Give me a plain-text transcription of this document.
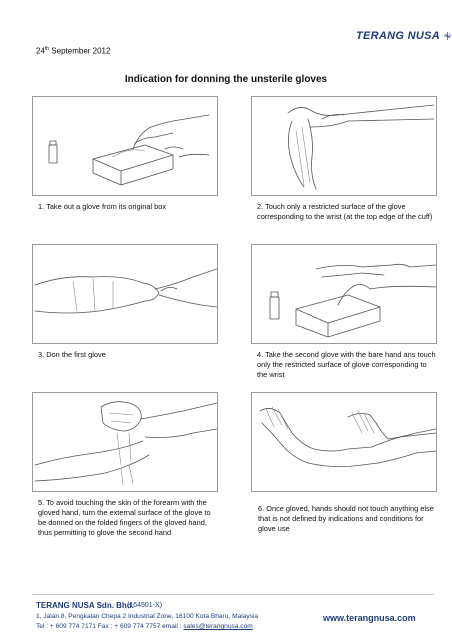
TERANG NUSA
24th September 2012
Indication for donning the unsterile gloves
1. Take out a glove from its original box	2. Touch only a restricted surface of the glove corresponding to the wrist (at the top edge of the cuff)
3. Don the first glove	4. Take the second glove with the bare hand ans touch only the restricted surface of glove corresponding to the wrist
5. To avoid touching the skin of the forearm with the gloved hand, turn the external surface of the glove to be donned on the folded fingers of the gloved hand, thus permitting to glove the second hand
6. Once gloved, hands should not touch anything else that is not defined by indications and conditions for glove use
TERANG NUSA Sdn. Bhd.
(164501-X)
1, Jalan 8, Pengkalan Chepa 2 Industrial Zone, 16100 Kota Bharu, Malaysia
Tel : + 609 774 7171 Fax : + 609 774 7757 email : sales@terangnusa.com
www.terangnusa.com
